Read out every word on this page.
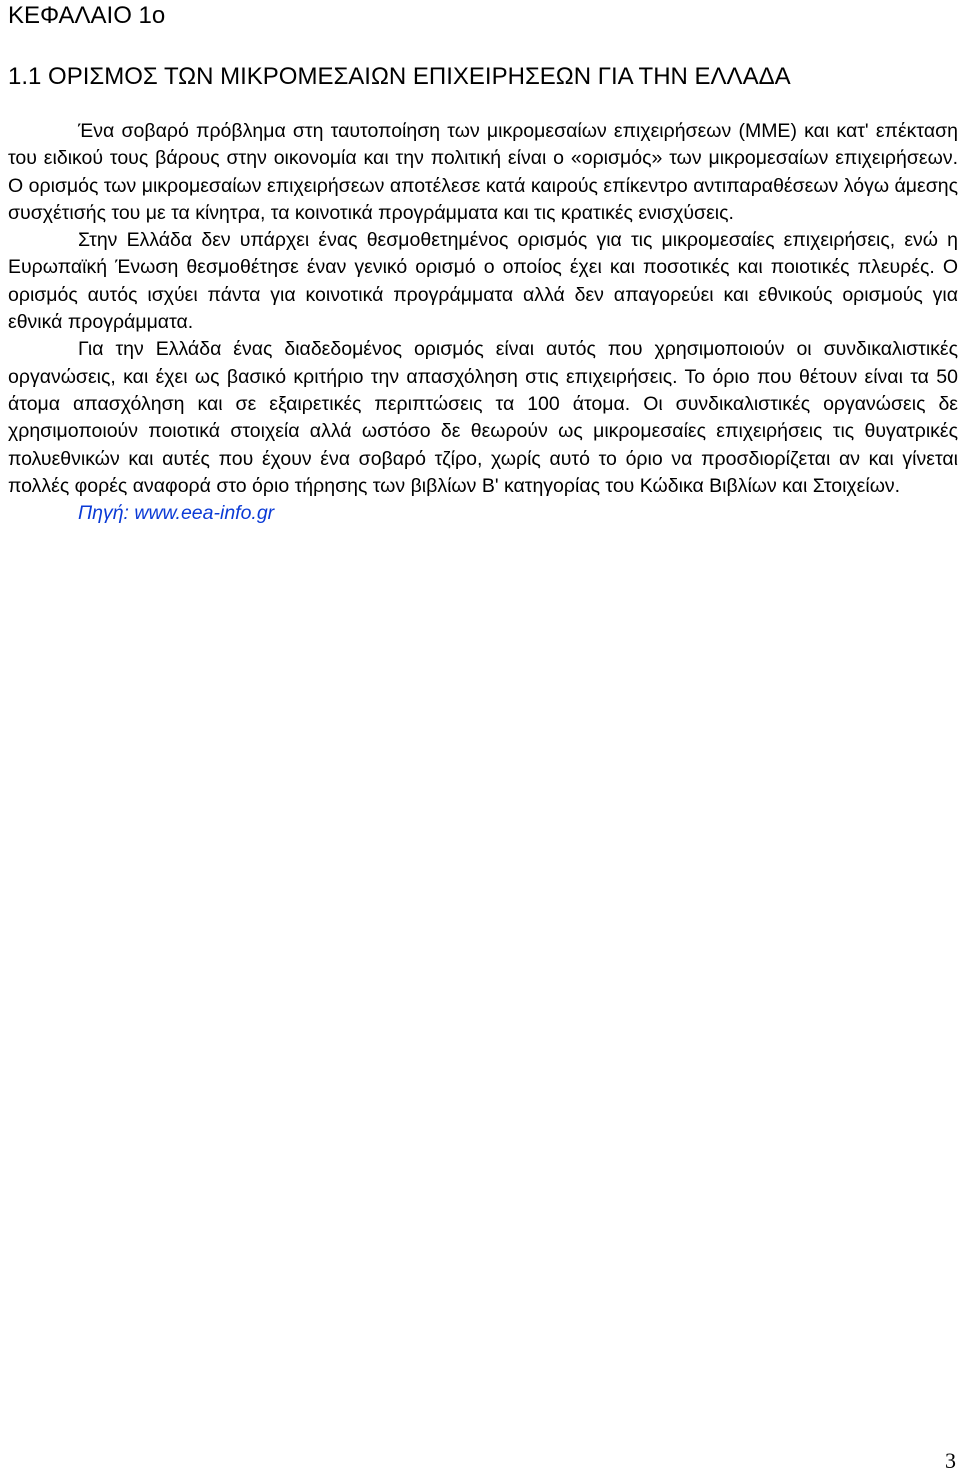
ΚΕΦΑΛΑΙΟ 1ο
1.1 ΟΡΙΣΜΟΣ ΤΩΝ ΜΙΚΡΟΜΕΣΑΙΩΝ ΕΠΙΧΕΙΡΗΣΕΩΝ ΓΙΑ ΤΗΝ ΕΛΛΑΔΑ

Ένα σοβαρό πρόβλημα στη ταυτοποίηση των μικρομεσαίων επιχειρήσεων (ΜΜΕ) και κατ' επέκταση του ειδικού τους βάρους στην οικονομία και την πολιτική είναι ο «ορισμός» των μικρομεσαίων επιχειρήσεων. Ο ορισμός των μικρομεσαίων επιχειρήσεων αποτέλεσε κατά καιρούς επίκεντρο αντιπαραθέσεων λόγω άμεσης συσχέτισής του με τα κίνητρα, τα κοινοτικά προγράμματα και τις κρατικές ενισχύσεις.

Στην Ελλάδα δεν υπάρχει ένας θεσμοθετημένος ορισμός για τις μικρομεσαίες επιχειρήσεις, ενώ η Ευρωπαϊκή Ένωση θεσμοθέτησε έναν γενικό ορισμό ο οποίος έχει και ποσοτικές και ποιοτικές πλευρές. Ο ορισμός αυτός ισχύει πάντα για κοινοτικά προγράμματα αλλά δεν απαγορεύει και εθνικούς ορισμούς για εθνικά προγράμματα.

Για την Ελλάδα ένας διαδεδομένος ορισμός είναι αυτός που χρησιμοποιούν οι συνδικαλιστικές οργανώσεις, και έχει ως βασικό κριτήριο την απασχόληση στις επιχειρήσεις. Το όριο που θέτουν είναι τα 50 άτομα απασχόληση και σε εξαιρετικές περιπτώσεις τα 100 άτομα. Οι συνδικαλιστικές οργανώσεις δε χρησιμοποιούν ποιοτικά στοιχεία αλλά ωστόσο δε θεωρούν ως μικρομεσαίες επιχειρήσεις τις θυγατρικές πολυεθνικών και αυτές που έχουν ένα σοβαρό τζίρο, χωρίς αυτό το όριο να προσδιορίζεται αν και γίνεται πολλές φορές αναφορά στο όριο τήρησης των βιβλίων Β' κατηγορίας του Κώδικα Βιβλίων και Στοιχείων.

Πηγή: www.eea-info.gr

3
